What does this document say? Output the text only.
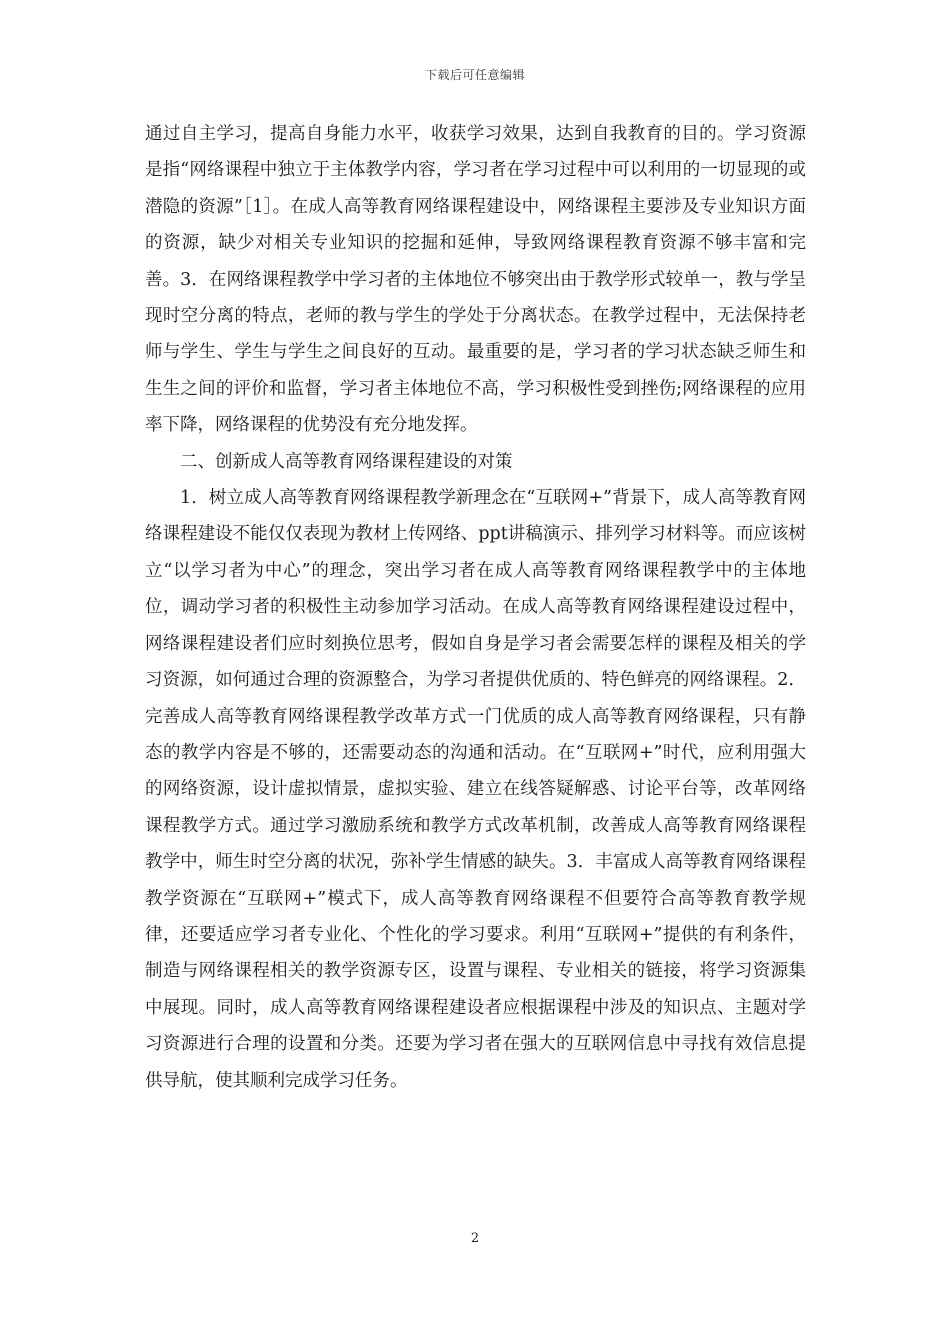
下载后可任意编辑

通过自主学习，提高自身能力水平，收获学习效果，达到自我教育的目的。学习资源是指“网络课程中独立于主体教学内容，学习者在学习过程中可以利用的一切显现的或潜隐的资源”［1］。在成人高等教育网络课程建设中，网络课程主要涉及专业知识方面的资源，缺少对相关专业知识的挖掘和延伸，导致网络课程教育资源不够丰富和完善。3．在网络课程教学中学习者的主体地位不够突出由于教学形式较单一，教与学呈现时空分离的特点，老师的教与学生的学处于分离状态。在教学过程中，无法保持老师与学生、学生与学生之间良好的互动。最重要的是，学习者的学习状态缺乏师生和生生之间的评价和监督，学习者主体地位不高，学习积极性受到挫伤;网络课程的应用率下降，网络课程的优势没有充分地发挥。

二、创新成人高等教育网络课程建设的对策

1．树立成人高等教育网络课程教学新理念在“互联网+”背景下，成人高等教育网络课程建设不能仅仅表现为教材上传网络、ppt讲稿演示、排列学习材料等。而应该树立“以学习者为中心”的理念，突出学习者在成人高等教育网络课程教学中的主体地位，调动学习者的积极性主动参加学习活动。在成人高等教育网络课程建设过程中，网络课程建设者们应时刻换位思考，假如自身是学习者会需要怎样的课程及相关的学习资源，如何通过合理的资源整合，为学习者提供优质的、特色鲜亮的网络课程。2．完善成人高等教育网络课程教学改革方式一门优质的成人高等教育网络课程，只有静态的教学内容是不够的，还需要动态的沟通和活动。在“互联网+”时代，应利用强大的网络资源，设计虚拟情景，虚拟实验、建立在线答疑解惑、讨论平台等，改革网络课程教学方式。通过学习激励系统和教学方式改革机制，改善成人高等教育网络课程教学中，师生时空分离的状况，弥补学生情感的缺失。3．丰富成人高等教育网络课程教学资源在“互联网+”模式下，成人高等教育网络课程不但要符合高等教育教学规律，还要适应学习者专业化、个性化的学习要求。利用“互联网+”提供的有利条件，制造与网络课程相关的教学资源专区，设置与课程、专业相关的链接，将学习资源集中展现。同时，成人高等教育网络课程建设者应根据课程中涉及的知识点、主题对学习资源进行合理的设置和分类。还要为学习者在强大的互联网信息中寻找有效信息提供导航，使其顺利完成学习任务。

2
